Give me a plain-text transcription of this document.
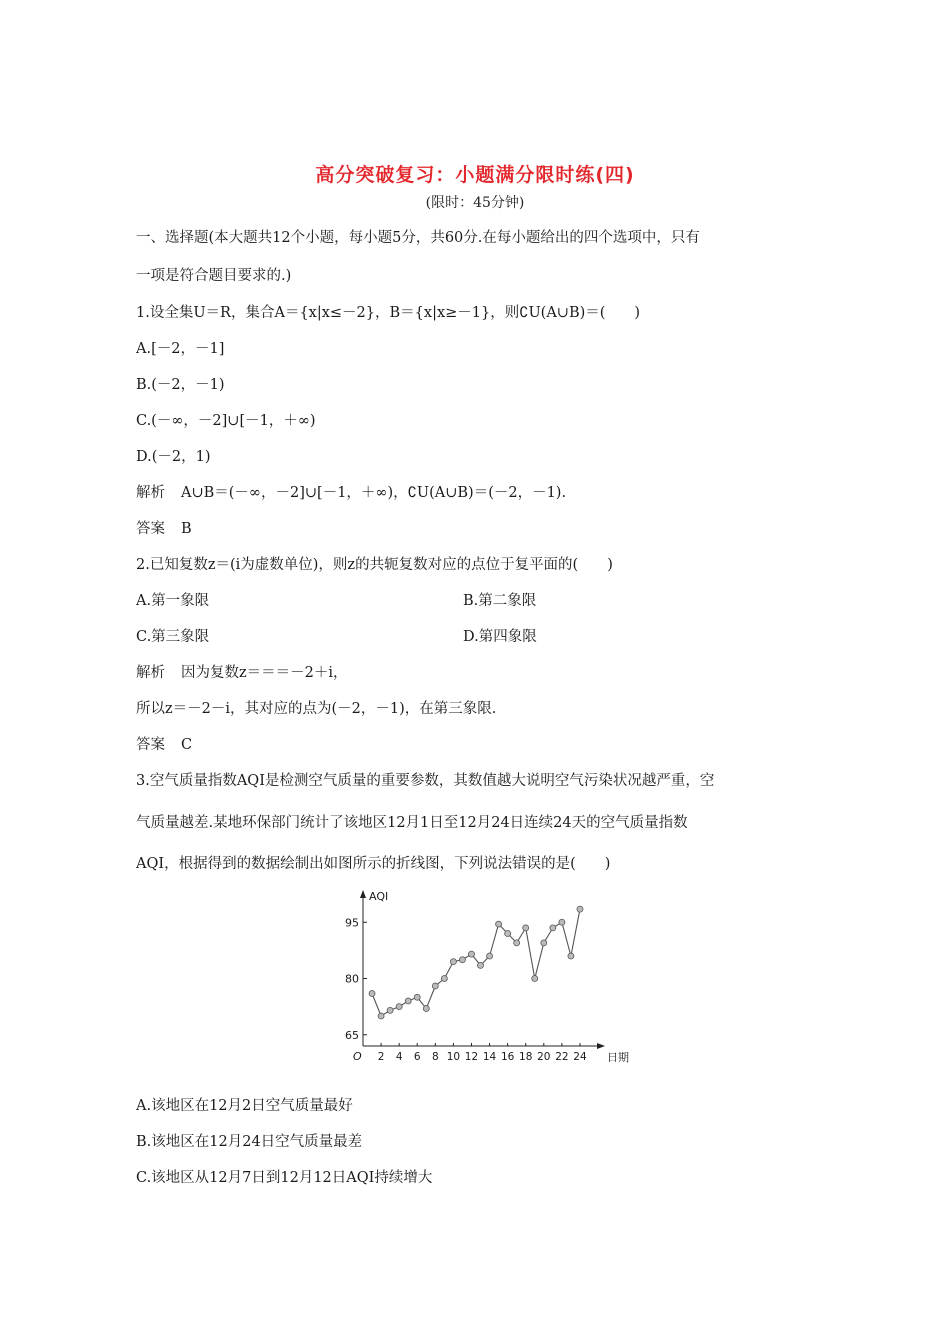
高分突破复习：小题满分限时练(四)
(限时：45分钟)
一、选择题(本大题共12个小题，每小题5分，共60分.在每小题给出的四个选项中，只有
一项是符合题目要求的.)
1.设全集U＝R，集合A＝{x|x≤－2}，B＝{x|x≥－1}，则∁U(A∪B)＝(　　)
A.[－2，－1]
B.(－2，－1)
C.(－∞，－2]∪[－1，＋∞)
D.(－2，1)
解析 A∪B＝(－∞，－2]∪[－1，＋∞)，∁U(A∪B)＝(－2，－1).
答案 B
2.已知复数z＝(i为虚数单位)，则z的共轭复数对应的点位于复平面的(　　)
A.第一象限	B.第二象限
C.第三象限	D.第四象限
解析 因为复数z＝＝＝－2＋i，
所以z＝－2－i，其对应的点为(－2，－1)，在第三象限.
答案 C
3.空气质量指数AQI是检测空气质量的重要参数，其数值越大说明空气污染状况越严重，空
气质量越差.某地环保部门统计了该地区12月1日至12月24日连续24天的空气质量指数
AQI，根据得到的数据绘制出如图所示的折线图，下列说法错误的是(　　)
AQI
日期
O
65
80
95
2 4 6 8 10 12 14 16 18 20 22 24
A.该地区在12月2日空气质量最好
B.该地区在12月24日空气质量最差
C.该地区从12月7日到12月12日AQI持续增大
